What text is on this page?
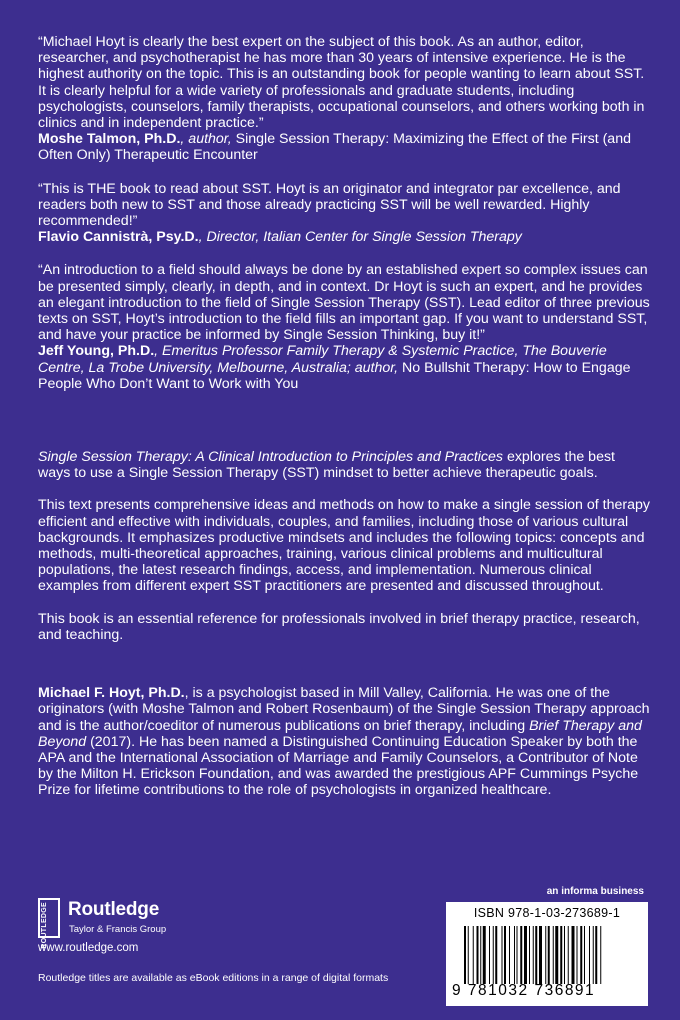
“Michael Hoyt is clearly the best expert on the subject of this book. As an author, editor, researcher, and psychotherapist he has more than 30 years of intensive experience. He is the highest authority on the topic. This is an outstanding book for people wanting to learn about SST. It is clearly helpful for a wide variety of professionals and graduate students, including psychologists, counselors, family therapists, occupational counselors, and others working both in clinics and in independent practice.”

Moshe Talmon, Ph.D., author, Single Session Therapy: Maximizing the Effect of the First (and Often Only) Therapeutic Encounter

“This is THE book to read about SST. Hoyt is an originator and integrator par excellence, and readers both new to SST and those already practicing SST will be well rewarded. Highly recommended!”

Flavio Cannistrà, Psy.D., Director, Italian Center for Single Session Therapy

“An introduction to a field should always be done by an established expert so complex issues can be presented simply, clearly, in depth, and in context. Dr Hoyt is such an expert, and he provides an elegant introduction to the field of Single Session Therapy (SST). Lead editor of three previous texts on SST, Hoyt’s introduction to the field fills an important gap. If you want to understand SST, and have your practice be informed by Single Session Thinking, buy it!”

Jeff Young, Ph.D., Emeritus Professor Family Therapy & Systemic Practice, The Bouverie Centre, La Trobe University, Melbourne, Australia; author, No Bullshit Therapy: How to Engage People Who Don’t Want to Work with You

Single Session Therapy: A Clinical Introduction to Principles and Practices explores the best ways to use a Single Session Therapy (SST) mindset to better achieve therapeutic goals.

This text presents comprehensive ideas and methods on how to make a single session of therapy efficient and effective with individuals, couples, and families, including those of various cultural backgrounds. It emphasizes productive mindsets and includes the following topics: concepts and methods, multi-theoretical approaches, training, various clinical problems and multicultural populations, the latest research findings, access, and implementation. Numerous clinical examples from different expert SST practitioners are presented and discussed throughout.

This book is an essential reference for professionals involved in brief therapy practice, research, and teaching.

Michael F. Hoyt, Ph.D., is a psychologist based in Mill Valley, California. He was one of the originators (with Moshe Talmon and Robert Rosenbaum) of the Single Session Therapy approach and is the author/coeditor of numerous publications on brief therapy, including Brief Therapy and Beyond (2017). He has been named a Distinguished Continuing Education Speaker by both the APA and the International Association of Marriage and Family Counselors, a Contributor of Note by the Milton H. Erickson Foundation, and was awarded the prestigious APF Cummings Psyche Prize for lifetime contributions to the role of psychologists in organized healthcare.

ROUTLEDGE	Routledge
Taylor & Francis Group
www.routledge.com
Routledge titles are available as eBook editions in a range of digital formats
an informa business
ISBN 978-1-03-273689-1
9 781032 736891
